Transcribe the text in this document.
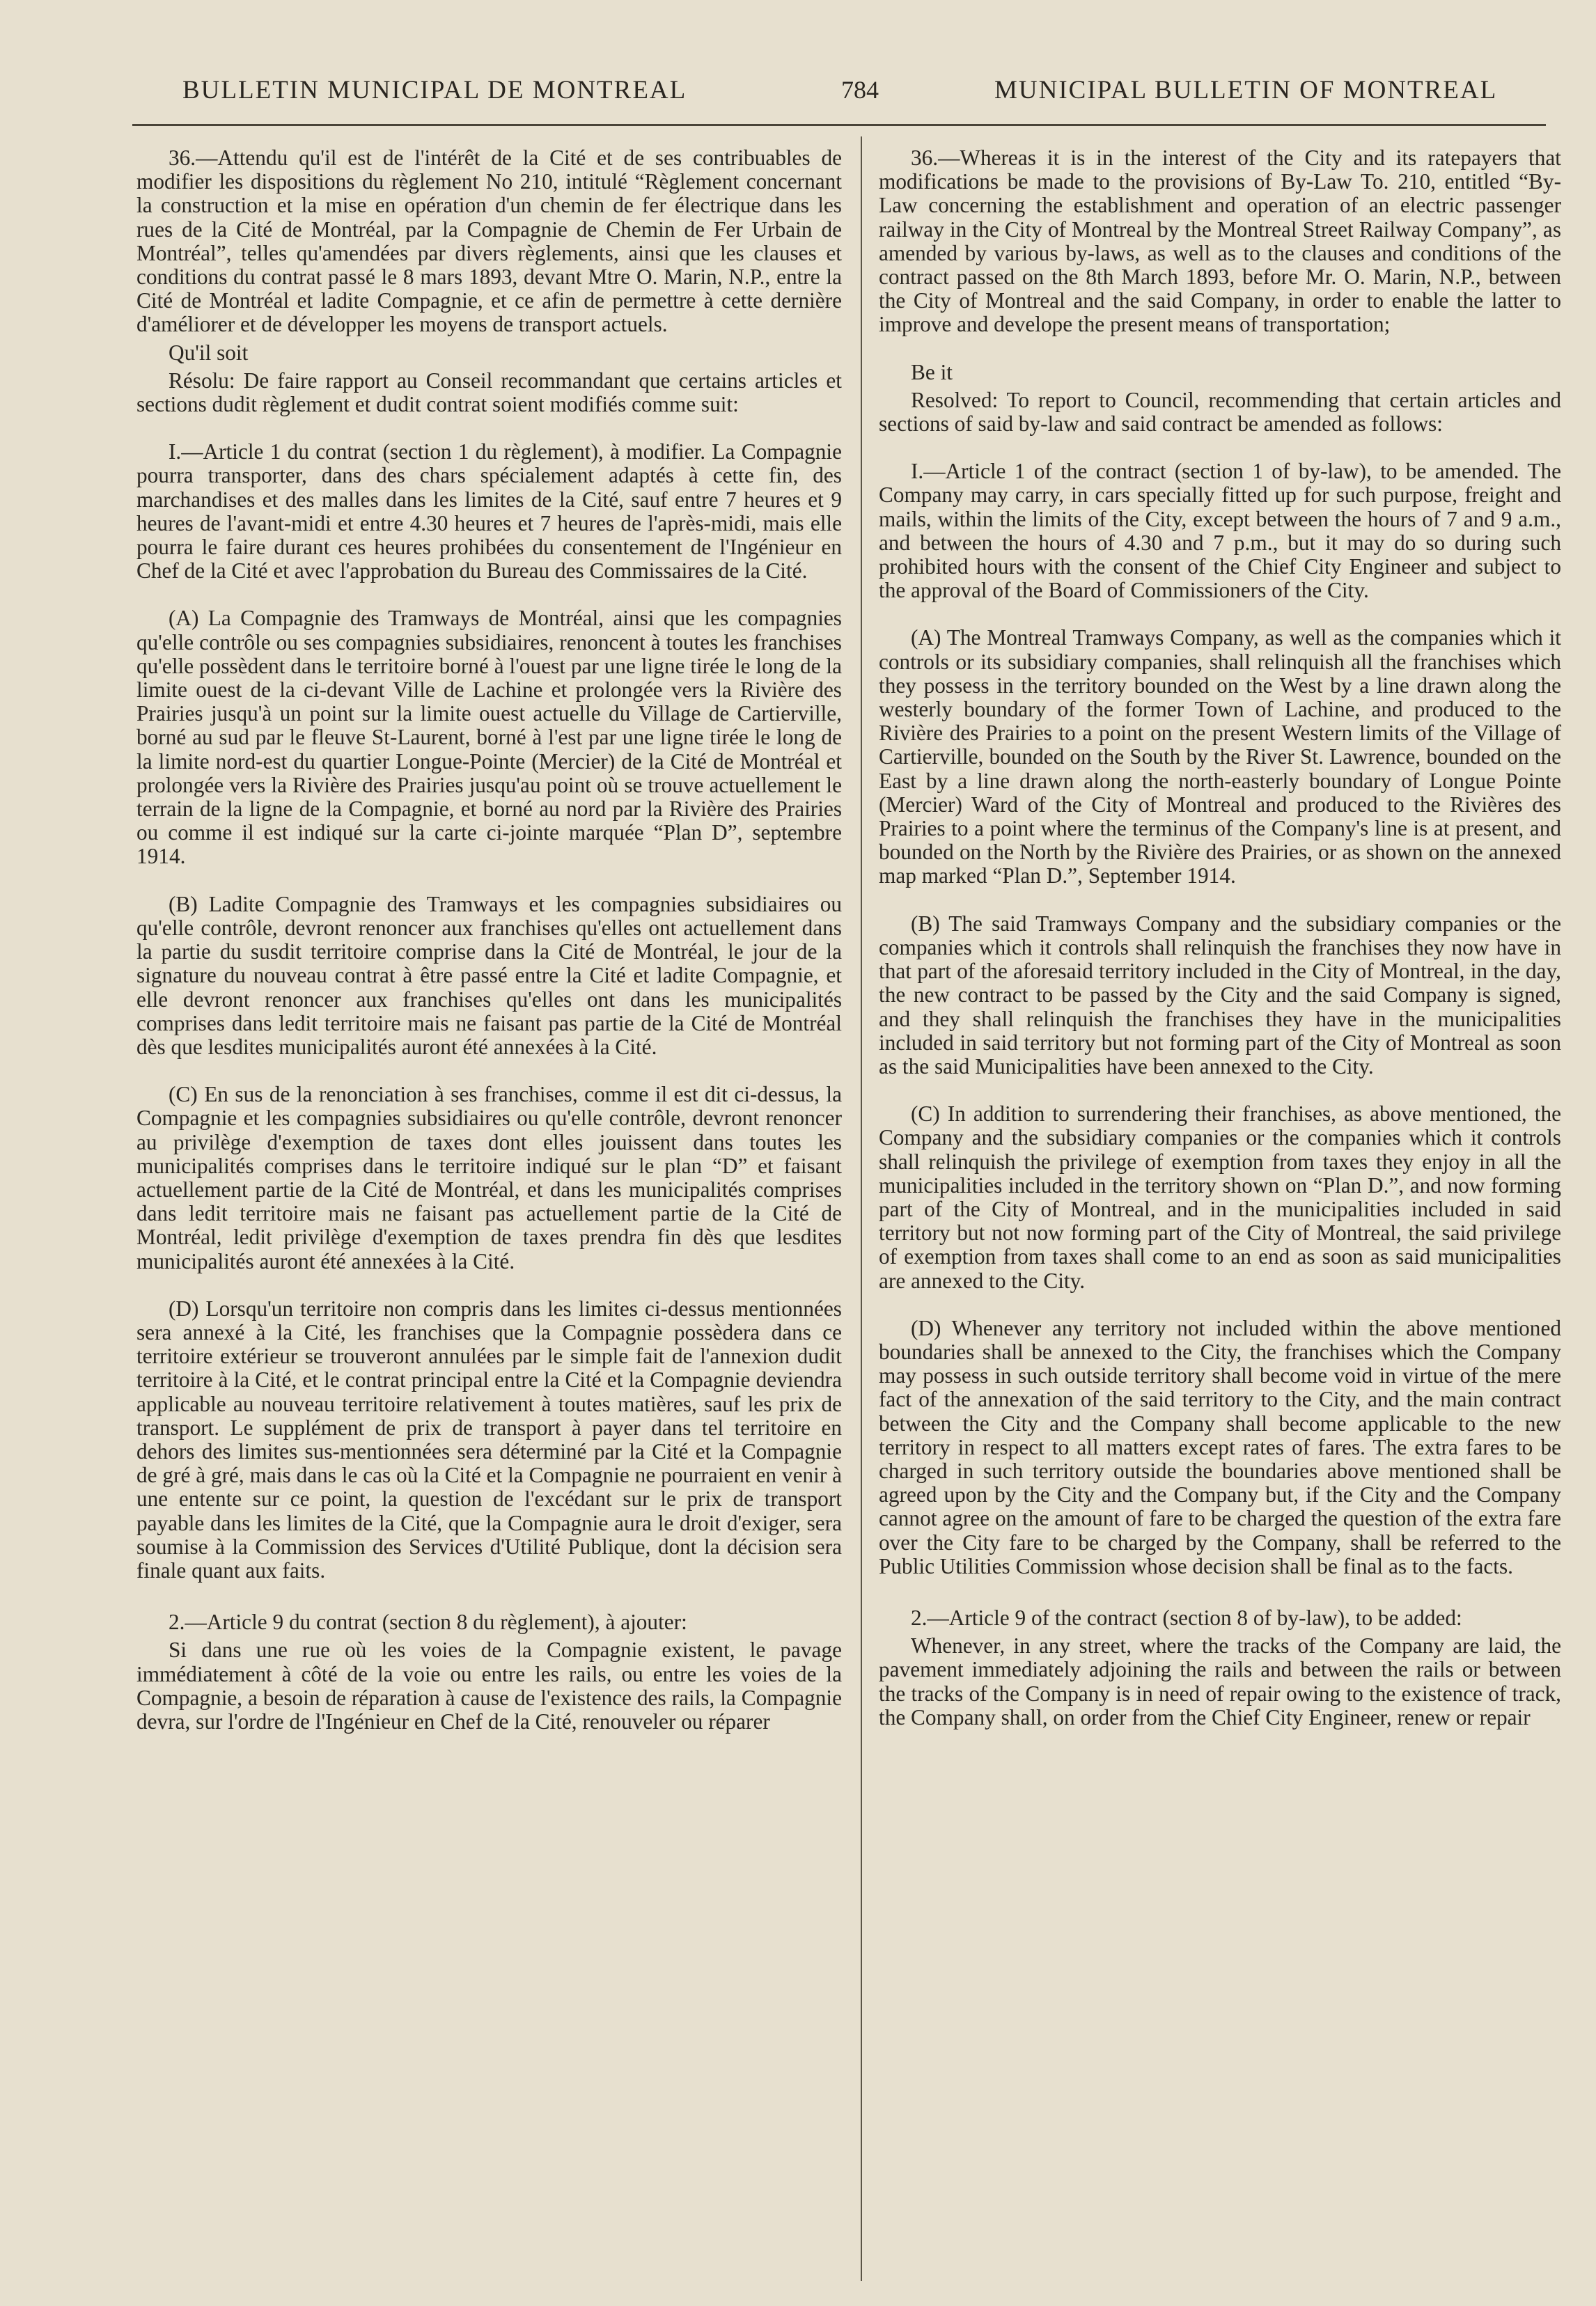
BULLETIN MUNICIPAL DE MONTREAL	784	MUNICIPAL BULLETIN OF MONTREAL

36.—Attendu qu'il est de l'intérêt de la Cité et de ses contribuables de modifier les dispositions du règlement No 210, intitulé “Règlement concernant la construction et la mise en opération d'un chemin de fer électrique dans les rues de la Cité de Montréal, par la Compagnie de Chemin de Fer Urbain de Montréal”, telles qu'amendées par divers règlements, ainsi que les clauses et conditions du contrat passé le 8 mars 1893, devant Mtre O. Marin, N.P., entre la Cité de Montréal et ladite Compagnie, et ce afin de permettre à cette dernière d'améliorer et de développer les moyens de transport actuels.

Qu'il soit

Résolu: De faire rapport au Conseil recommandant que certains articles et sections dudit règlement et dudit contrat soient modifiés comme suit:

I.—Article 1 du contrat (section 1 du règlement), à modifier. La Compagnie pourra transporter, dans des chars spécialement adaptés à cette fin, des marchandises et des malles dans les limites de la Cité, sauf entre 7 heures et 9 heures de l'avant-midi et entre 4.30 heures et 7 heures de l'après-midi, mais elle pourra le faire durant ces heures prohibées du consentement de l'Ingénieur en Chef de la Cité et avec l'approbation du Bureau des Commissaires de la Cité.

(A) La Compagnie des Tramways de Montréal, ainsi que les compagnies qu'elle contrôle ou ses compagnies subsidiaires, renoncent à toutes les franchises qu'elle possèdent dans le territoire borné à l'ouest par une ligne tirée le long de la limite ouest de la ci-devant Ville de Lachine et prolongée vers la Rivière des Prairies jusqu'à un point sur la limite ouest actuelle du Village de Cartierville, borné au sud par le fleuve St-Laurent, borné à l'est par une ligne tirée le long de la limite nord-est du quartier Longue-Pointe (Mercier) de la Cité de Montréal et prolongée vers la Rivière des Prairies jusqu'au point où se trouve actuellement le terrain de la ligne de la Compagnie, et borné au nord par la Rivière des Prairies ou comme il est indiqué sur la carte ci-jointe marquée “Plan D”, septembre 1914.

(B) Ladite Compagnie des Tramways et les compagnies subsidiaires ou qu'elle contrôle, devront renoncer aux franchises qu'elles ont actuellement dans la partie du susdit territoire comprise dans la Cité de Montréal, le jour de la signature du nouveau contrat à être passé entre la Cité et ladite Compagnie, et elle devront renoncer aux franchises qu'elles ont dans les municipalités comprises dans ledit territoire mais ne faisant pas partie de la Cité de Montréal dès que lesdites municipalités auront été annexées à la Cité.

(C) En sus de la renonciation à ses franchises, comme il est dit ci-dessus, la Compagnie et les compagnies subsidiaires ou qu'elle contrôle, devront renoncer au privilège d'exemption de taxes dont elles jouissent dans toutes les municipalités comprises dans le territoire indiqué sur le plan “D” et faisant actuellement partie de la Cité de Montréal, et dans les municipalités comprises dans ledit territoire mais ne faisant pas actuellement partie de la Cité de Montréal, ledit privilège d'exemption de taxes prendra fin dès que lesdites municipalités auront été annexées à la Cité.

(D) Lorsqu'un territoire non compris dans les limites ci-dessus mentionnées sera annexé à la Cité, les franchises que la Compagnie possèdera dans ce territoire extérieur se trouveront annulées par le simple fait de l'annexion dudit territoire à la Cité, et le contrat principal entre la Cité et la Compagnie deviendra applicable au nouveau territoire relativement à toutes matières, sauf les prix de transport. Le supplément de prix de transport à payer dans tel territoire en dehors des limites sus-mentionnées sera déterminé par la Cité et la Compagnie de gré à gré, mais dans le cas où la Cité et la Compagnie ne pourraient en venir à une entente sur ce point, la question de l'excédant sur le prix de transport payable dans les limites de la Cité, que la Compagnie aura le droit d'exiger, sera soumise à la Commission des Services d'Utilité Publique, dont la décision sera finale quant aux faits.

2.—Article 9 du contrat (section 8 du règlement), à ajouter:

Si dans une rue où les voies de la Compagnie existent, le pavage immédiatement à côté de la voie ou entre les rails, ou entre les voies de la Compagnie, a besoin de réparation à cause de l'existence des rails, la Compagnie devra, sur l'ordre de l'Ingénieur en Chef de la Cité, renouveler ou réparer

36.—Whereas it is in the interest of the City and its ratepayers that modifications be made to the provisions of By-Law To. 210, entitled “By-Law concerning the establishment and operation of an electric passenger railway in the City of Montreal by the Montreal Street Railway Company”, as amended by various by-laws, as well as to the clauses and conditions of the contract passed on the 8th March 1893, before Mr. O. Marin, N.P., between the City of Montreal and the said Company, in order to enable the latter to improve and develope the present means of transportation;

Be it

Resolved: To report to Council, recommending that certain articles and sections of said by-law and said contract be amended as follows:

I.—Article 1 of the contract (section 1 of by-law), to be amended. The Company may carry, in cars specially fitted up for such purpose, freight and mails, within the limits of the City, except between the hours of 7 and 9 a.m., and between the hours of 4.30 and 7 p.m., but it may do so during such prohibited hours with the consent of the Chief City Engineer and subject to the approval of the Board of Commissioners of the City.

(A) The Montreal Tramways Company, as well as the companies which it controls or its subsidiary companies, shall relinquish all the franchises which they possess in the territory bounded on the West by a line drawn along the westerly boundary of the former Town of Lachine, and produced to the Rivière des Prairies to a point on the present Western limits of the Village of Cartierville, bounded on the South by the River St. Lawrence, bounded on the East by a line drawn along the north-easterly boundary of Longue Pointe (Mercier) Ward of the City of Montreal and produced to the Rivières des Prairies to a point where the terminus of the Company's line is at present, and bounded on the North by the Rivière des Prairies, or as shown on the annexed map marked “Plan D.”, September 1914.

(B) The said Tramways Company and the subsidiary companies or the companies which it controls shall relinquish the franchises they now have in that part of the aforesaid territory included in the City of Montreal, in the day, the new contract to be passed by the City and the said Company is signed, and they shall relinquish the franchises they have in the municipalities included in said territory but not forming part of the City of Montreal as soon as the said Municipalities have been annexed to the City.

(C) In addition to surrendering their franchises, as above mentioned, the Company and the subsidiary companies or the companies which it controls shall relinquish the privilege of exemption from taxes they enjoy in all the municipalities included in the territory shown on “Plan D.”, and now forming part of the City of Montreal, and in the municipalities included in said territory but not now forming part of the City of Montreal, the said privilege of exemption from taxes shall come to an end as soon as said municipalities are annexed to the City.

(D) Whenever any territory not included within the above mentioned boundaries shall be annexed to the City, the franchises which the Company may possess in such outside territory shall become void in virtue of the mere fact of the annexation of the said territory to the City, and the main contract between the City and the Company shall become applicable to the new territory in respect to all matters except rates of fares. The extra fares to be charged in such territory outside the boundaries above mentioned shall be agreed upon by the City and the Company but, if the City and the Company cannot agree on the amount of fare to be charged the question of the extra fare over the City fare to be charged by the Company, shall be referred to the Public Utilities Commission whose decision shall be final as to the facts.

2.—Article 9 of the contract (section 8 of by-law), to be added:

Whenever, in any street, where the tracks of the Company are laid, the pavement immediately adjoining the rails and between the rails or between the tracks of the Company is in need of repair owing to the existence of track, the Company shall, on order from the Chief City Engineer, renew or repair
